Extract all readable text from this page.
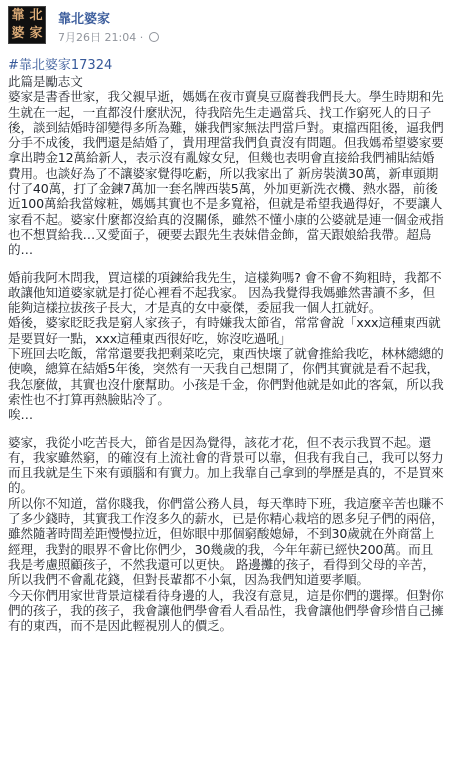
靠 北
婆 家
靠北婆家
7月26日 21:04 ·
#靠北婆家17324

此篇是勵志文
婆家是書香世家，我父親早逝，媽媽在夜市賣臭豆腐養我們長大。學生時期和先生就在一起，一直都沒什麼狀況，待我陪先生走過當兵、找工作窮死人的日子後，談到結婚時卻變得多所為難，嫌我們家無法門當戶對。東擋西阻後，逼我們分手不成後，我們還是結婚了，貴用理當我們負責沒有問題。但我媽希望婆家要拿出聘金12萬給新人，表示沒有亂嫁女兒，但幾也表明會直接給我們補貼結婚費用。也談好為了不讓婆家覺得吃虧，所以我家出了 新房裝潢30萬，新車頭期付了40萬，打了金鍊7萬加一套名牌西裝5萬，外加更新洗衣機、熱水器，前後近100萬給我當嫁粧，媽媽其實也不是多寬裕，但就是希望我過得好，不要讓人家看不起。婆家什麼都沒給真的沒關係，雖然不懂小康的公婆就是連一個金戒指也不想買給我…又愛面子，硬要去跟先生表妹借金飾，當天跟娘給我帶。超鳥的…

婚前我阿木問我，買這樣的項鍊給我先生，這樣夠嗎? 會不會不夠粗時，我都不敢讓他知道婆家就是打從心裡看不起我家。 因為我覺得我媽雖然書讀不多，但能夠這樣拉拔孩子長大，才是真的女中豪傑，委屈我一個人扛就好。
婚後，婆家眨眨我是窮人家孩子，有時嫌我太節省，常常會說「xxx這種東西就是要買好一點，xxx這種東西很好吃，妳沒吃過吼」
下班回去吃飯，常常還要我把剩菜吃完，東西快壞了就會推給我吃，林林總總的使喚，總算在結婚5年後，突然有一天我自己想開了，你們其實就是看不起我，我怎麼做，其實也沒什麼幫助。小孩是千金，你們對他就是如此的客氣，所以我索性也不打算再熱臉貼冷了。
唉…

婆家，我從小吃苦長大，節省是因為覺得，該花才花，但不表示我買不起。還有，我家雖然窮，的確沒有上流社會的背景可以靠，但我有我自己，我可以努力而且我就是生下來有頭腦和有實力。加上我靠自己拿到的學歷是真的，不是買來的。
所以你不知道，當你賤我，你們當公務人員，每天準時下班，我這麼辛苦也賺不了多少錢時，其實我工作沒多久的薪水，已是你精心栽培的恩多兒子們的兩倍，雖然隨著時間差距慢慢拉近，但妳眼中那個窮酸媳婦，不到30歲就在外商當上經理，我對的眼界不會比你們少，30幾歲的我，今年年薪已經快200萬。而且我是考慮照顧孩子，不然我還可以更快。 路邊攤的孩子，看得到父母的辛苦，所以我們不會亂花錢，但對長輩都不小氣，因為我們知道要孝順。
今天你們用家世背景這樣看待身邊的人，我沒有意見，這是你們的選擇。但對你們的孩子，我的孩子，我會讓他們學會看人看品性，我會讓他們學會珍惜自己擁有的東西，而不是因此輕視別人的價乏。
